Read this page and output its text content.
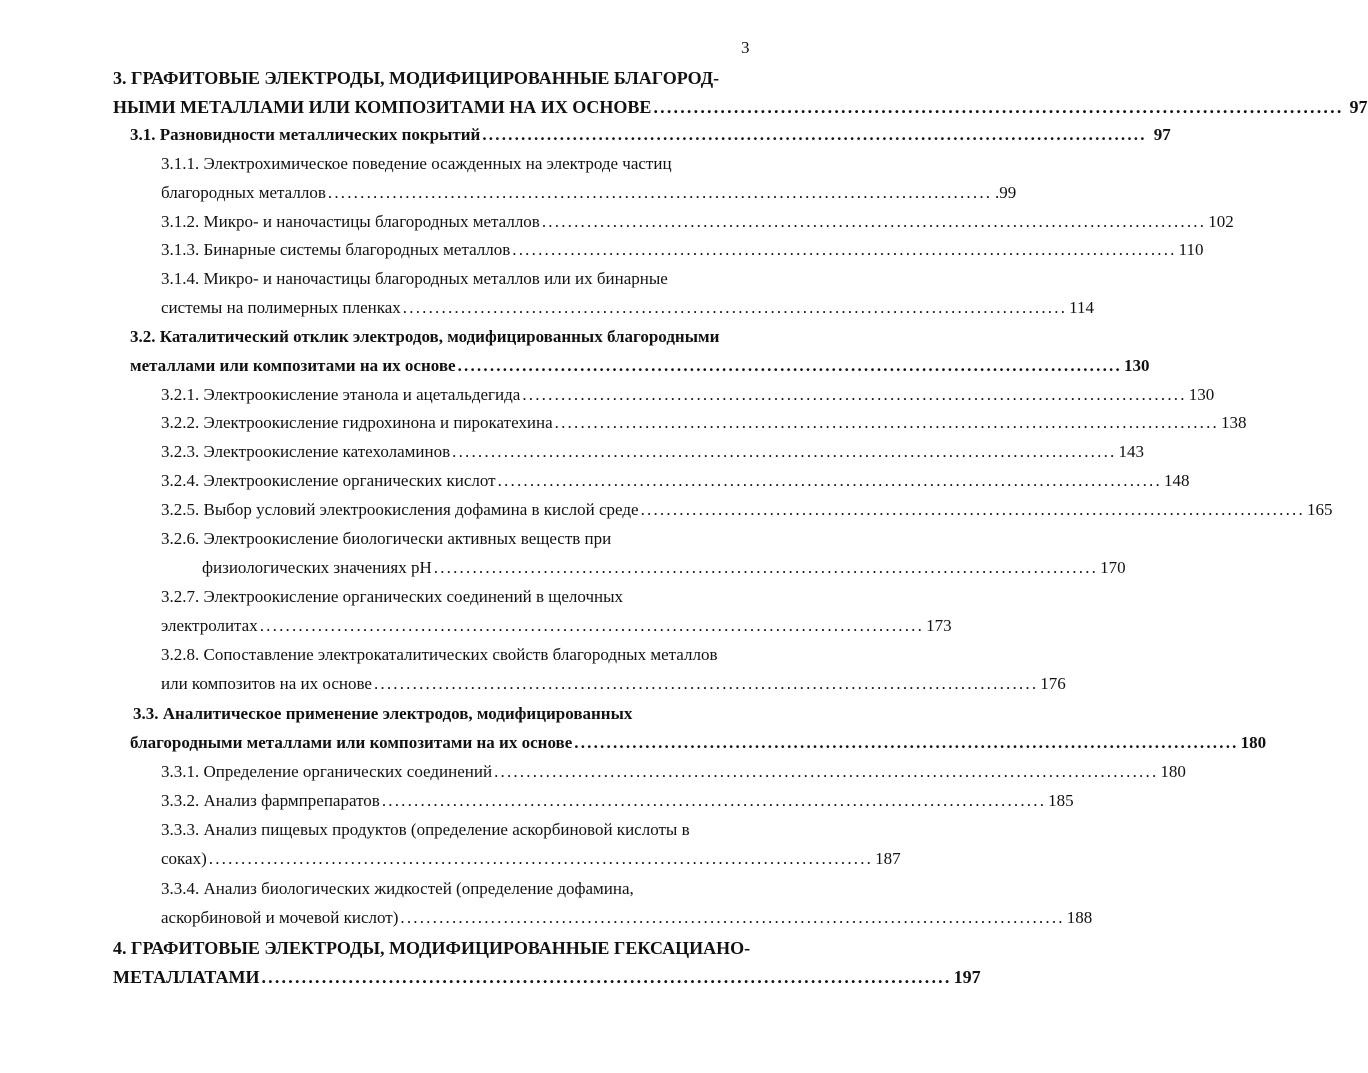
3
3. ГРАФИТОВЫЕ ЭЛЕКТРОДЫ, МОДИФИЦИРОВАННЫЕ БЛАГОРОД-
НЫМИ МЕТАЛЛАМИ ИЛИ КОМПОЗИТАМИ НА ИХ ОСНОВЕ ....................................................................................................... 97
3.1. Разновидности металлических покрытий ....................................................................................................... 97
3.1.1. Электрохимическое поведение осажденных на электроде частиц
благородных металлов ....................................................................................................... .99
3.1.2. Микро- и наночастицы благородных металлов ....................................................................................................... 102
3.1.3. Бинарные системы благородных металлов ....................................................................................................... 110
3.1.4. Микро- и наночастицы благородных металлов или их бинарные
системы на полимерных пленках ....................................................................................................... 114
3.2. Каталитический отклик электродов, модифицированных благородными
металлами или композитами на их основе ....................................................................................................... 130
3.2.1. Электроокисление этанола и ацетальдегида ....................................................................................................... 130
3.2.2. Электроокисление гидрохинона и пирокатехина ....................................................................................................... 138
3.2.3. Электроокисление катехоламинов ....................................................................................................... 143
3.2.4. Электроокисление органических кислот ....................................................................................................... 148
3.2.5. Выбор условий электроокисления дофамина в кислой среде ....................................................................................................... 165
3.2.6. Электроокисление биологически активных веществ при
физиологических значениях рН ....................................................................................................... 170
3.2.7. Электроокисление органических соединений в щелочных
электролитах ....................................................................................................... 173
3.2.8. Сопоставление электрокаталитических свойств благородных металлов
или композитов на их основе ....................................................................................................... 176
3.3. Аналитическое применение электродов, модифицированных
благородными металлами или композитами на их основе ....................................................................................................... 180
3.3.1. Определение органических соединений ....................................................................................................... 180
3.3.2. Анализ фармпрепаратов ....................................................................................................... 185
3.3.3. Анализ пищевых продуктов (определение аскорбиновой кислоты в
соках) ....................................................................................................... 187
3.3.4. Анализ биологических жидкостей (определение дофамина,
аскорбиновой и мочевой кислот) ....................................................................................................... 188
4. ГРАФИТОВЫЕ ЭЛЕКТРОДЫ, МОДИФИЦИРОВАННЫЕ ГЕКСАЦИАНО-
МЕТАЛЛАТАМИ ....................................................................................................... 197
